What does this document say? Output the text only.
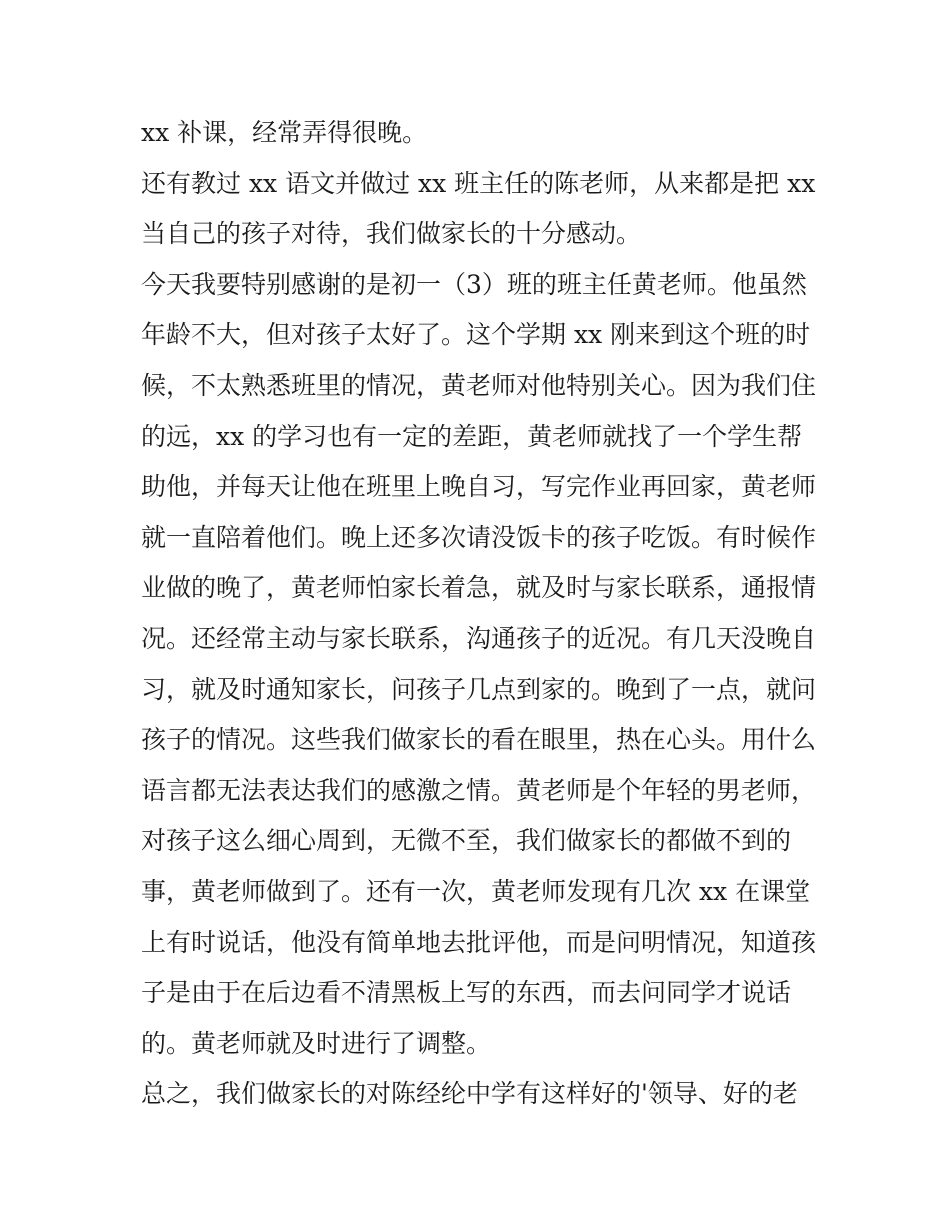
xx 补课，经常弄得很晚。
还有教过 xx 语文并做过 xx 班主任的陈老师，从来都是把 xx
当自己的孩子对待，我们做家长的十分感动。
今天我要特别感谢的是初一（3）班的班主任黄老师。他虽然
年龄不大，但对孩子太好了。这个学期 xx 刚来到这个班的时
候，不太熟悉班里的情况，黄老师对他特别关心。因为我们住
的远，xx 的学习也有一定的差距，黄老师就找了一个学生帮
助他，并每天让他在班里上晚自习，写完作业再回家，黄老师
就一直陪着他们。晚上还多次请没饭卡的孩子吃饭。有时候作
业做的晚了，黄老师怕家长着急，就及时与家长联系，通报情
况。还经常主动与家长联系，沟通孩子的近况。有几天没晚自
习，就及时通知家长，问孩子几点到家的。晚到了一点，就问
孩子的情况。这些我们做家长的看在眼里，热在心头。用什么
语言都无法表达我们的感激之情。黄老师是个年轻的男老师，
对孩子这么细心周到，无微不至，我们做家长的都做不到的
事，黄老师做到了。还有一次，黄老师发现有几次 xx 在课堂
上有时说话，他没有简单地去批评他，而是问明情况，知道孩
子是由于在后边看不清黑板上写的东西，而去问同学才说话
的。黄老师就及时进行了调整。
总之，我们做家长的对陈经纶中学有这样好的'领导、好的老
